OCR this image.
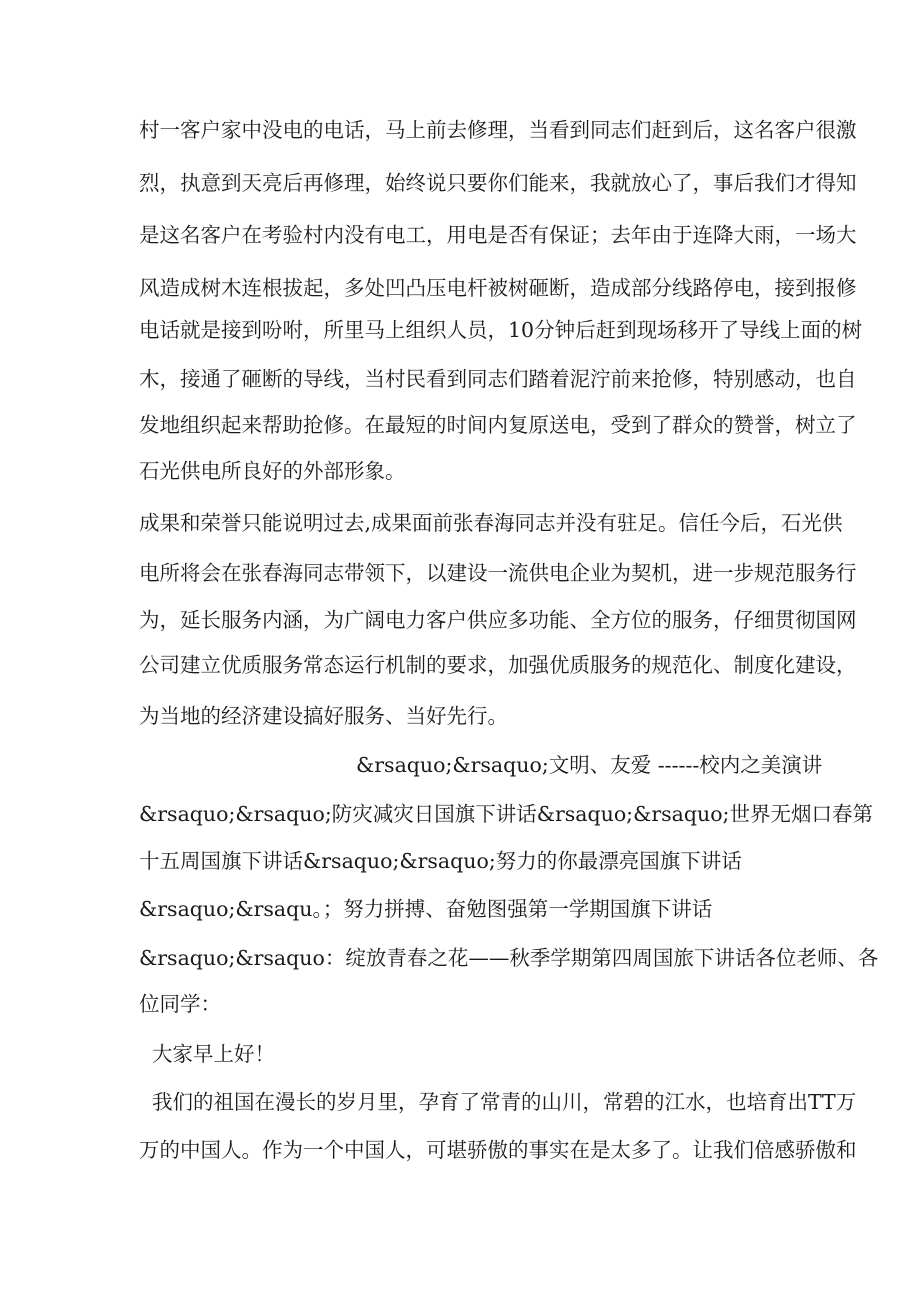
村一客户家中没电的电话，马上前去修理，当看到同志们赶到后，这名客户很激

烈，执意到天亮后再修理，始终说只要你们能来，我就放心了，事后我们才得知

是这名客户在考验村内没有电工，用电是否有保证；去年由于连降大雨，一场大

风造成树木连根拔起，多处凹凸压电杆被树砸断，造成部分线路停电，接到报修

电话就是接到吩咐，所里马上组织人员，10分钟后赶到现场移开了导线上面的树

木，接通了砸断的导线，当村民看到同志们踏着泥泞前来抢修，特别感动，也自

发地组织起来帮助抢修。在最短的时间内复原送电，受到了群众的赞誉，树立了

石光供电所良好的外部形象。

成果和荣誉只能说明过去,成果面前张春海同志并没有驻足。信任今后，石光供

电所将会在张春海同志带领下，以建设一流供电企业为契机，进一步规范服务行

为，延长服务内涵，为广阔电力客户供应多功能、全方位的服务，仔细贯彻国网

公司建立优质服务常态运行机制的要求，加强优质服务的规范化、制度化建设，

为当地的经济建设搞好服务、当好先行。

&rsaquo;&rsaquo;文明、友爱 ------校内之美演讲

&rsaquo;&rsaquo;防灾减灾日国旗下讲话&rsaquo;&rsaquo;世界无烟口春第

十五周国旗下讲话&rsaquo;&rsaquo;努力的你最漂亮国旗下讲话

&rsaquo;&rsaqu。；努力拼搏、奋勉图强第一学期国旗下讲话

&rsaquo;&rsaquo：绽放青春之花——秋季学期第四周国旅下讲话各位老师、各

位同学：

大家早上好！

我们的祖国在漫长的岁月里，孕育了常青的山川，常碧的江水，也培育出TT万

万的中国人。作为一个中国人，可堪骄傲的事实在是太多了。让我们倍感骄傲和
